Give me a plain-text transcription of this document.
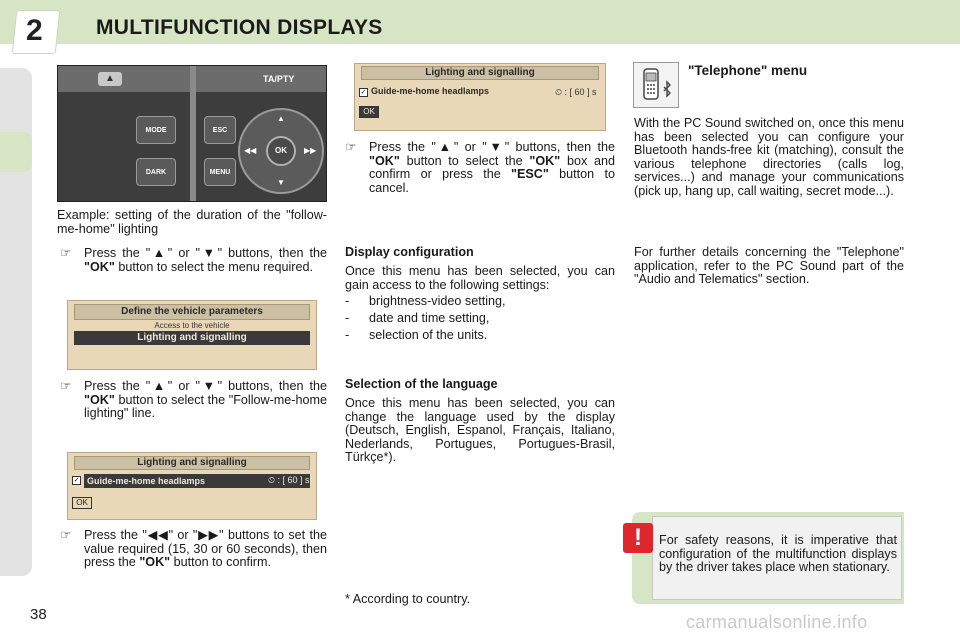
2	MULTIFUNCTION DISPLAYS
▲	TA/PTY
MODE
DARK
ESC
MENU
▲
▼
◀◀	▶▶
OK
Example: setting of the duration of the "follow-me-home" lighting
☞ Press the "▲" or "▼" buttons, then the "OK" button to select the menu required.
Define the vehicle parameters
Access to the vehicle
Lighting and signalling
☞ Press the "▲" or "▼" buttons, then the "OK" button to select the "Follow-me-home lighting" line.
Lighting and signalling
✓ Guide-me-home headlamps	⏲ : [ 60 ] s
OK
☞ Press the "◀◀" or "▶▶" buttons to set the value required (15, 30 or 60 seconds), then press the "OK" button to confirm.
Lighting and signalling
✓ Guide-me-home headlamps	⏲ : [ 60 ] s
OK
☞ Press the "▲" or "▼" buttons, then the "OK" button to select the "OK" box and confirm or press the "ESC" button to cancel.
Display configuration
Once this menu has been selected, you can gain access to the following settings:
-	brightness-video setting,
-	date and time setting,
-	selection of the units.
Selection of the language
Once this menu has been selected, you can change the language used by the display (Deutsch, English, Espanol, Français, Italiano, Nederlands, Portugues, Portugues-Brasil, Türkçe*).
* According to country.
"Telephone" menu
With the PC Sound switched on, once this menu has been selected you can configure your Bluetooth hands-free kit (matching), consult the various telephone directories (calls log, services...) and manage your communications (pick up, hang up, call waiting, secret mode...).
For further details concerning the "Telephone" application, refer to the PC Sound part of the "Audio and Telematics" section.
!	For safety reasons, it is imperative that configuration of the multifunction displays by the driver takes place when stationary.
38	carmanualsonline.info
